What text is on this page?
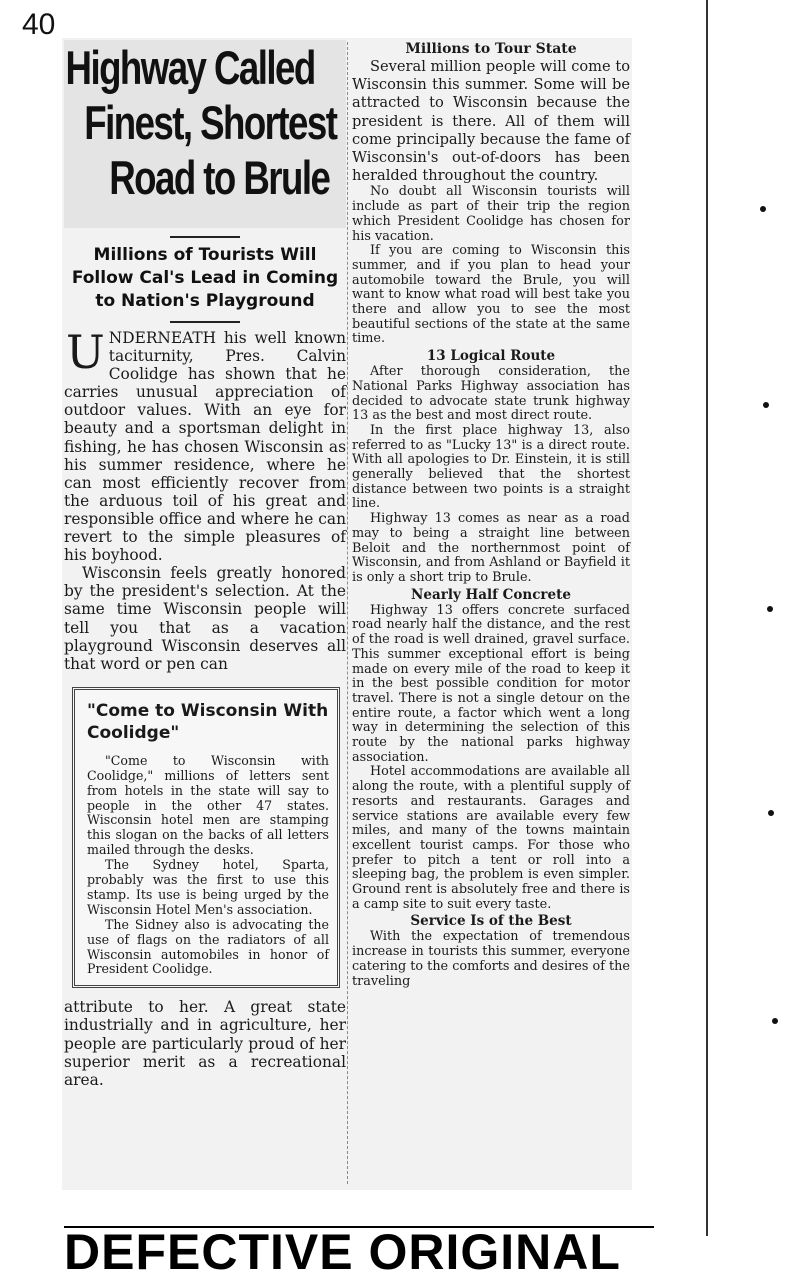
40
Highway Called
Finest, Shortest
Road to Brule
Millions of Tourists Will Follow Cal's Lead in Coming to Nation's Playground

UNDERNEATH his well known taciturnity, Pres. Calvin Coolidge has shown that he carries unusual appreciation of outdoor values. With an eye for beauty and a sportsman delight in fishing, he has chosen Wisconsin as his summer residence, where he can most efficiently recover from the arduous toil of his great and responsible office and where he can revert to the simple pleasures of his boyhood.

Wisconsin feels greatly honored by the president's selection. At the same time Wisconsin people will tell you that as a vacation playground Wisconsin deserves all that word or pen can

"Come to Wisconsin With Coolidge"

"Come to Wisconsin with Coolidge," millions of letters sent from hotels in the state will say to people in the other 47 states. Wisconsin hotel men are stamping this slogan on the backs of all letters mailed through the desks.

The Sydney hotel, Sparta, probably was the first to use this stamp. Its use is being urged by the Wisconsin Hotel Men's association.

The Sidney also is advocating the use of flags on the radiators of all Wisconsin automobiles in honor of President Coolidge.

attribute to her. A great state industrially and in agriculture, her people are particularly proud of her superior merit as a recreational area.

Millions to Tour State

Several million people will come to Wisconsin this summer. Some will be attracted to Wisconsin because the president is there. All of them will come principally because the fame of Wisconsin's out-of-doors has been heralded throughout the country.

No doubt all Wisconsin tourists will include as part of their trip the region which President Coolidge has chosen for his vacation.

If you are coming to Wisconsin this summer, and if you plan to head your automobile toward the Brule, you will want to know what road will best take you there and allow you to see the most beautiful sections of the state at the same time.

13 Logical Route

After thorough consideration, the National Parks Highway association has decided to advocate state trunk highway 13 as the best and most direct route.

In the first place highway 13, also referred to as "Lucky 13" is a direct route. With all apologies to Dr. Einstein, it is still generally believed that the shortest distance between two points is a straight line.

Highway 13 comes as near as a road may to being a straight line between Beloit and the northernmost point of Wisconsin, and from Ashland or Bayfield it is only a short trip to Brule.

Nearly Half Concrete

Highway 13 offers concrete surfaced road nearly half the distance, and the rest of the road is well drained, gravel surface. This summer exceptional effort is being made on every mile of the road to keep it in the best possible condition for motor travel. There is not a single detour on the entire route, a factor which went a long way in determining the selection of this route by the national parks highway association.

Hotel accommodations are available all along the route, with a plentiful supply of resorts and restaurants. Garages and service stations are available every few miles, and many of the towns maintain excellent tourist camps. For those who prefer to pitch a tent or roll into a sleeping bag, the problem is even simpler. Ground rent is absolutely free and there is a camp site to suit every taste.

Service Is of the Best

With the expectation of tremendous increase in tourists this summer, everyone catering to the comforts and desires of the traveling

DEFECTIVE ORIGINAL
